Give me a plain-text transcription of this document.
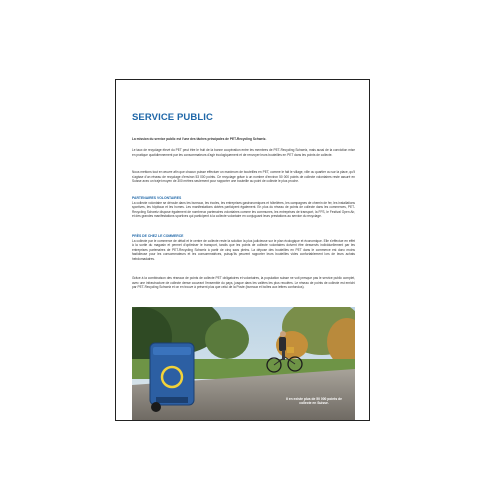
SERVICE PUBLIC

La mission du service public est l'une des tâches principales de PET-Recycling Schweiz.

Le taux de recyclage élevé du PET peut être le fruit de la bonne coopération entre les membres de PET-Recycling Schweiz, mais aussi de la conviction mise en pratique quotidiennement par les consommateurs d'agir écologiquement et de renvoyer leurs bouteilles en PET dans les points de collecte.

Nous mettons tout en œuvre afin que chacun puisse effectuer un maximum de bouteilles en PET, comme le fait le village, ville ou quartier ou sur la place, qu'il s'agisse d'un réseau de recyclage d'environ 53 000 points. Ce recyclage grâce à un nombre d'environ 50 000 points de collecte volontaires reste assuré en Suisse avec un trajet moyen de 300 mètres seulement pour rapporter une bouteille au point de collecte le plus proche.

PARTENAIRES VOLONTAIRES

La collecte volontaire se déroule dans les bureaux, les écoles, les entreprises gastronomiques et hôtelières, les campagnes de chemin de fer, les installations sportives, les hôpitaux et les homes. Les manifestations dotées participent également. En plus du réseau de points de collecte dans les commerces, PET-Recycling Schweiz dispose également de nombreux partenaires volontaires comme les communes, les entreprises de transport, la FFS, le Festival Open Air, et des grandes manifestations sportives qui participent à la collecte volontaire en conjuguant leurs prestations au service du recyclage.

PRÈS DE CHEZ LE COMMERCE

La collecte par le commerce de détail et le centre de collecte reste la solution la plus judicieuse sur le plan écologique et économique. Elle s'effectue en effet à la sortie du magasin et permet d'optimiser le transport, tandis que les points de collecte volontaires doivent être desservis individuellement par les entreprises partenaires de PET-Recycling Schweiz à partir de cinq sacs pleins. La dépose des bouteilles en PET dans le commerce est donc moins fastidieuse pour les consommateurs et les consommatrices, puisqu'ils peuvent rapporter leurs bouteilles vides confortablement lors de leurs achats hebdomadaires.

Grâce à la combinaison des réseaux de points de collecte PET obligatoires et volontaires, la population suisse ne voit presque pas le service public complet, avec une infrastructure de collecte dense couvrant l'ensemble du pays, jusque dans les vallées les plus reculées. Le réseau de points de collecte est enrichi par PET-Recycling Schweiz et on en trouve à présent plus que celui de la Poste (bureaux et boîtes aux lettres confondus).

Il en existe plus de 50 000 points de collecte en Suisse.
